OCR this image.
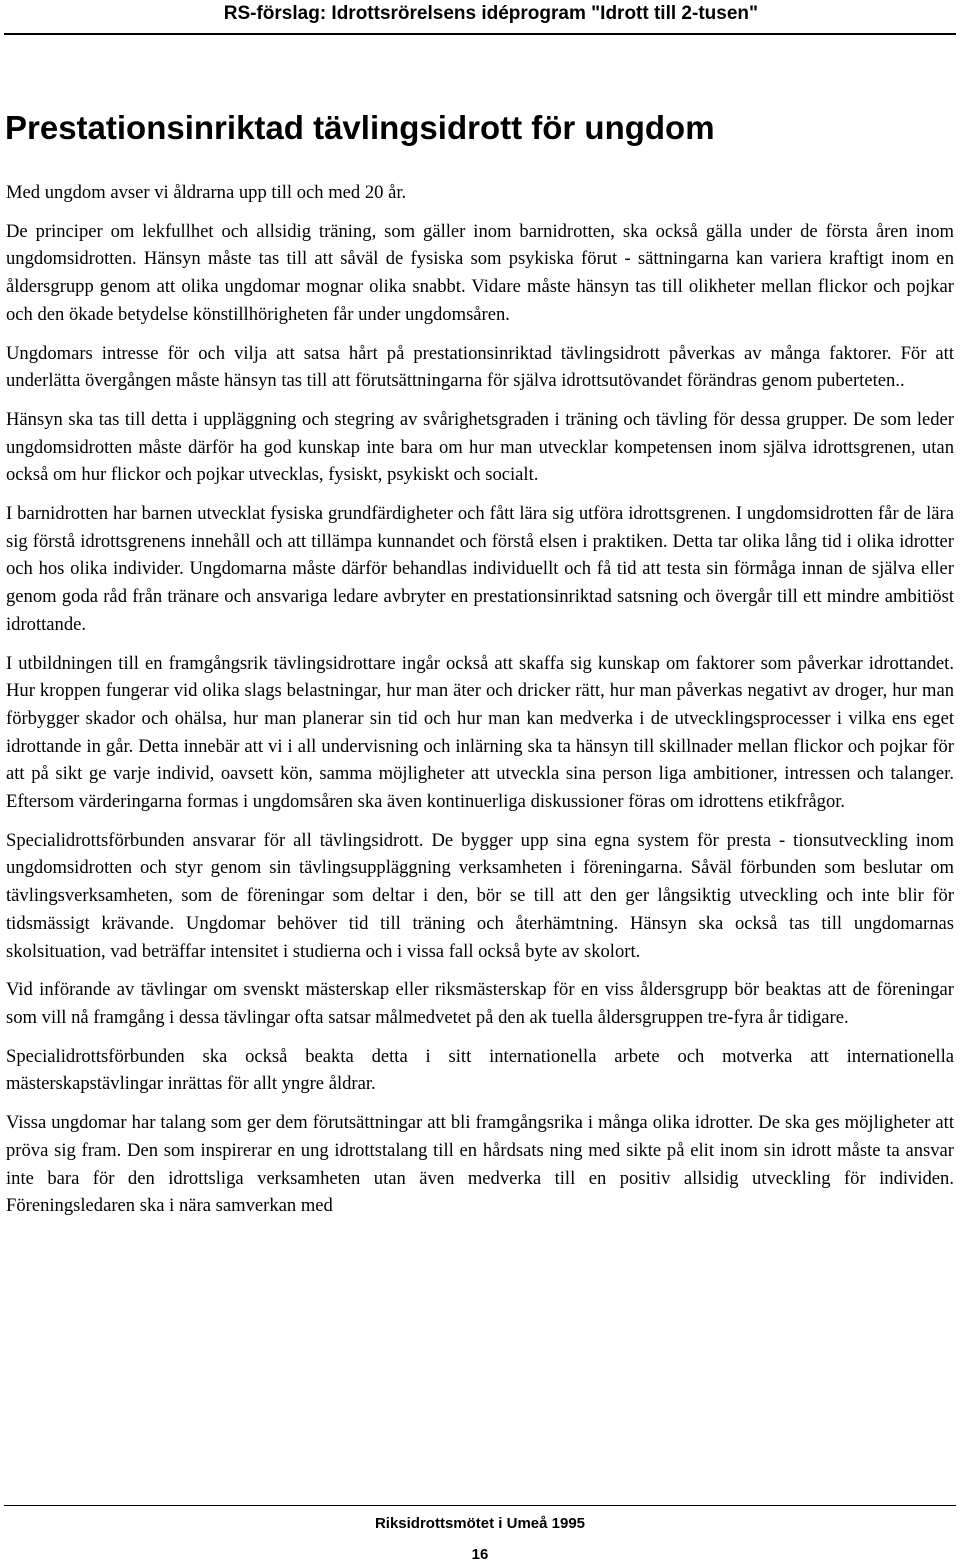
RS-förslag: Idrottsrörelsens idéprogram "Idrott till 2-tusen"
Prestationsinriktad tävlingsidrott för ungdom

Med ungdom avser vi åldrarna upp till och med 20 år.

De principer om lekfullhet och allsidig träning, som gäller inom barnidrotten, ska också gälla under de första åren inom ungdomsidrotten. Hänsyn måste tas till att såväl de fysiska som psykiska förut - sättningarna kan variera kraftigt inom en åldersgrupp genom att olika ungdomar mognar olika snabbt. Vidare måste hänsyn tas till olikheter mellan flickor och pojkar och den ökade betydelse könstillhörigheten får under ungdomsåren.

Ungdomars intresse för och vilja att satsa hårt på prestationsinriktad tävlingsidrott påverkas av många faktorer. För att underlätta övergången måste hänsyn tas till att förutsättningarna för själva idrottsutövandet förändras genom puberteten..

Hänsyn ska tas till detta i uppläggning och stegring av svårighetsgraden i träning och tävling för dessa grupper. De som leder ungdomsidrotten måste därför ha god kunskap inte bara om hur man utvecklar kompetensen inom själva idrottsgrenen, utan också om hur flickor och pojkar utvecklas, fysiskt, psykiskt och socialt.

I barnidrotten har barnen utvecklat fysiska grundfärdigheter och fått lära sig utföra idrottsgrenen. I ungdomsidrotten får de lära sig förstå idrottsgrenens innehåll och att tillämpa kunnandet och förstå elsen i praktiken. Detta tar olika lång tid i olika idrotter och hos olika individer. Ungdomarna måste därför behandlas individuellt och få tid att testa sin förmåga innan de själva eller genom goda råd från tränare och ansvariga ledare avbryter en prestationsinriktad satsning och övergår till ett mindre ambitiöst idrottande.

I utbildningen till en framgångsrik tävlingsidrottare ingår också att skaffa sig kunskap om faktorer som påverkar idrottandet. Hur kroppen fungerar vid olika slags belastningar, hur man äter och dricker rätt, hur man påverkas negativt av droger, hur man förbygger skador och ohälsa, hur man planerar sin tid och hur man kan medverka i de utvecklingsprocesser i vilka ens eget idrottande in går. Detta innebär att vi i all undervisning och inlärning ska ta hänsyn till skillnader mellan flickor och pojkar för att på sikt ge varje individ, oavsett kön, samma möjligheter att utveckla sina person liga ambitioner, intressen och talanger. Eftersom värderingarna formas i ungdomsåren ska även kontinuerliga diskussioner föras om idrottens etikfrågor.

Specialidrottsförbunden ansvarar för all tävlingsidrott. De bygger upp sina egna system för presta - tionsutveckling inom ungdomsidrotten och styr genom sin tävlingsuppläggning verksamheten i föreningarna. Såväl förbunden som beslutar om tävlingsverksamheten, som de föreningar som deltar i den, bör se till att den ger långsiktig utveckling och inte blir för tidsmässigt krävande. Ungdomar behöver tid till träning och återhämtning. Hänsyn ska också tas till ungdomarnas skolsituation, vad beträffar intensitet i studierna och i vissa fall också byte av skolort.

Vid införande av tävlingar om svenskt mästerskap eller riksmästerskap för en viss åldersgrupp bör beaktas att de föreningar som vill nå framgång i dessa tävlingar ofta satsar målmedvetet på den ak tuella åldersgruppen tre-fyra år tidigare.

Specialidrottsförbunden ska också beakta detta i sitt internationella arbete och motverka att internationella mästerskapstävlingar inrättas för allt yngre åldrar.

Vissa ungdomar har talang som ger dem förutsättningar att bli framgångsrika i många olika idrotter. De ska ges möjligheter att pröva sig fram. Den som inspirerar en ung idrottstalang till en hårdsats ning med sikte på elit inom sin idrott måste ta ansvar inte bara för den idrottsliga verksamheten utan även medverka till en positiv allsidig utveckling för individen. Föreningsledaren ska i nära samverkan med

Riksidrottsmötet i Umeå 1995
16
